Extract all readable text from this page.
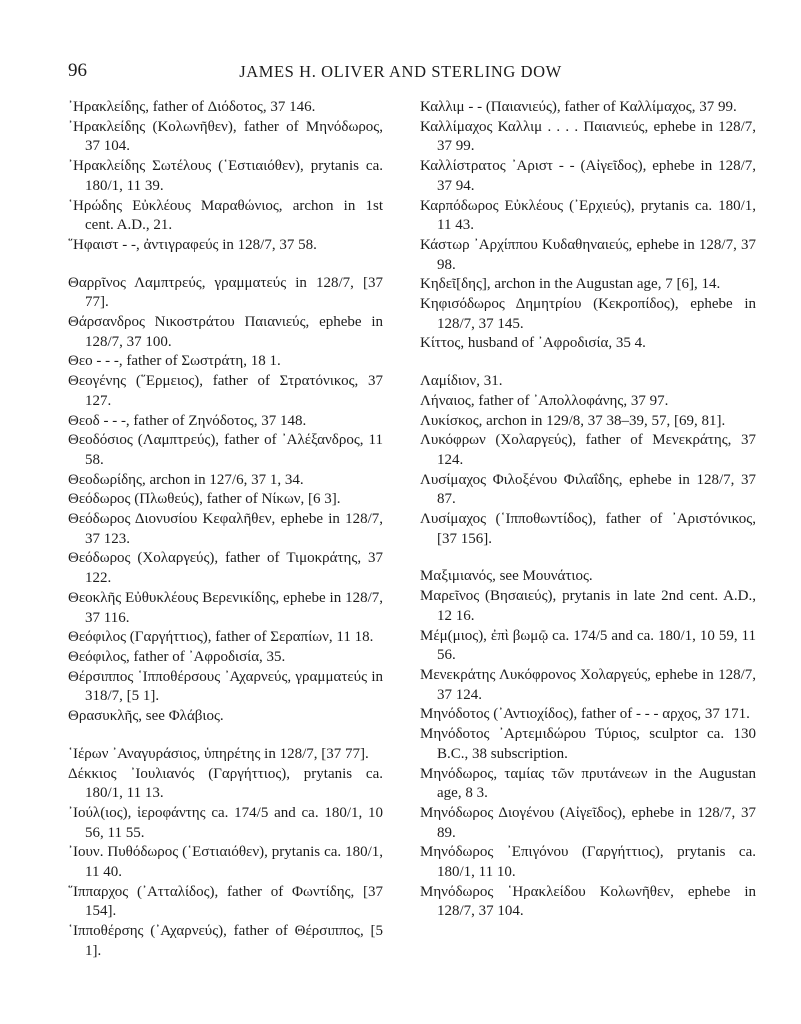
96	JAMES H. OLIVER AND STERLING DOW

᾿Ηρακλείδης, father of Διόδοτος, 37 146.

᾿Ηρακλείδης (Κολωνῆθεν), father of Μηνόδωρος, 37 104.

᾿Ηρακλείδης Σωτέλους (῾Εστιαιόθεν), prytanis ca. 180/1, 11 39.

῾Ηρώδης Εὐκλέους Μαραθώνιος, archon in 1st cent. A.D., 21.

῞Ηφαιστ - -, ἀντιγραφεύς in 128/7, 37 58.

Θαρρῖνος Λαμπτρεύς, γραμματεύς in 128/7, [37 77].

Θάρσανδρος Νικοστράτου Παιανιεύς, ephebe in 128/7, 37 100.

Θεο - - -, father of Σωστράτη, 18 1.

Θεογένης (῞Ερμειος), father of Στρατόνικος, 37 127.

Θεοδ - - -, father of Ζηνόδοτος, 37 148.

Θεοδόσιος (Λαμπτρεύς), father of ᾿Αλέξανδρος, 11 58.

Θεοδωρίδης, archon in 127/6, 37 1, 34.

Θεόδωρος (Πλωθεύς), father of Νίκων, [6 3].

Θεόδωρος Διονυσίου Κεφαλῆθεν, ephebe in 128/7, 37 123.

Θεόδωρος (Χολαργεύς), father of Τιμοκράτης, 37 122.

Θεοκλῆς Εὐθυκλέους Βερενικίδης, ephebe in 128/7, 37 116.

Θεόφιλος (Γαργήττιος), father of Σεραπίων, 11 18.

Θεόφιλος, father of ᾿Αφροδισία, 35.

Θέρσιππος ῾Ιπποθέρσους ᾿Αχαρνεύς, γραμματεύς in 318/7, [5 1].

Θρασυκλῆς, see Φλάβιος.

῾Ιέρων ᾿Αναγυράσιος, ὑπηρέτης in 128/7, [37 77].

Δέκκιος ᾿Ιουλιανός (Γαργήττιος), prytanis ca. 180/1, 11 13.

᾿Ιούλ(ιος), ἱεροφάντης ca. 174/5 and ca. 180/1, 10 56, 11 55.

᾿Ιουν. Πυθόδωρος (῾Εστιαιόθεν), prytanis ca. 180/1, 11 40.

῞Ιππαρχος (᾿Ατταλίδος), father of Φωντίδης, [37 154].

῾Ιπποθέρσης (᾿Αχαρνεύς), father of Θέρσιππος, [5 1].

Καλλιμ - - (Παιανιεύς), father of Καλλίμαχος, 37 99.

Καλλίμαχος Καλλιμ . . . . Παιανιεύς, ephebe in 128/7, 37 99.

Καλλίστρατος ᾿Αριστ - - (Αἰγεῖδος), ephebe in 128/7, 37 94.

Καρπόδωρος Εὐκλέους (᾿Ερχιεύς), prytanis ca. 180/1, 11 43.

Κάστωρ ᾿Αρχίππου Κυδαθηναιεύς, ephebe in 128/7, 37 98.

Κηδεῖ[δης], archon in the Augustan age, 7 [6], 14.

Κηφισόδωρος Δημητρίου (Κεκροπίδος), ephebe in 128/7, 37 145.

Κίττος, husband of ᾿Αφροδισία, 35 4.

Λαμίδιον, 31.

Λήναιος, father of ᾿Απολλοφάνης, 37 97.

Λυκίσκος, archon in 129/8, 37 38–39, 57, [69, 81].

Λυκόφρων (Χολαργεύς), father of Μενεκράτης, 37 124.

Λυσίμαχος Φιλοξένου Φιλαΐδης, ephebe in 128/7, 37 87.

Λυσίμαχος (῾Ιπποθωντίδος), father of ᾿Αριστόνικος, [37 156].

Μαξιμιανός, see Μουνάτιος.

Μαρεῖνος (Βησαιεύς), prytanis in late 2nd cent. A.D., 12 16.

Μέμ(μιος), ἐπὶ βωμῷ ca. 174/5 and ca. 180/1, 10 59, 11 56.

Μενεκράτης Λυκόφρονος Χολαργεύς, ephebe in 128/7, 37 124.

Μηνόδοτος (᾿Αντιοχίδος), father of - - - αρχος, 37 171.

Μηνόδοτος ᾿Αρτεμιδώρου Τύριος, sculptor ca. 130 B.C., 38 subscription.

Μηνόδωρος, ταμίας τῶν πρυτάνεων in the Augustan age, 8 3.

Μηνόδωρος Διογένου (Αἰγεῖδος), ephebe in 128/7, 37 89.

Μηνόδωρος ᾿Επιγόνου (Γαργήττιος), prytanis ca. 180/1, 11 10.

Μηνόδωρος ῾Ηρακλείδου Κολωνῆθεν, ephebe in 128/7, 37 104.
